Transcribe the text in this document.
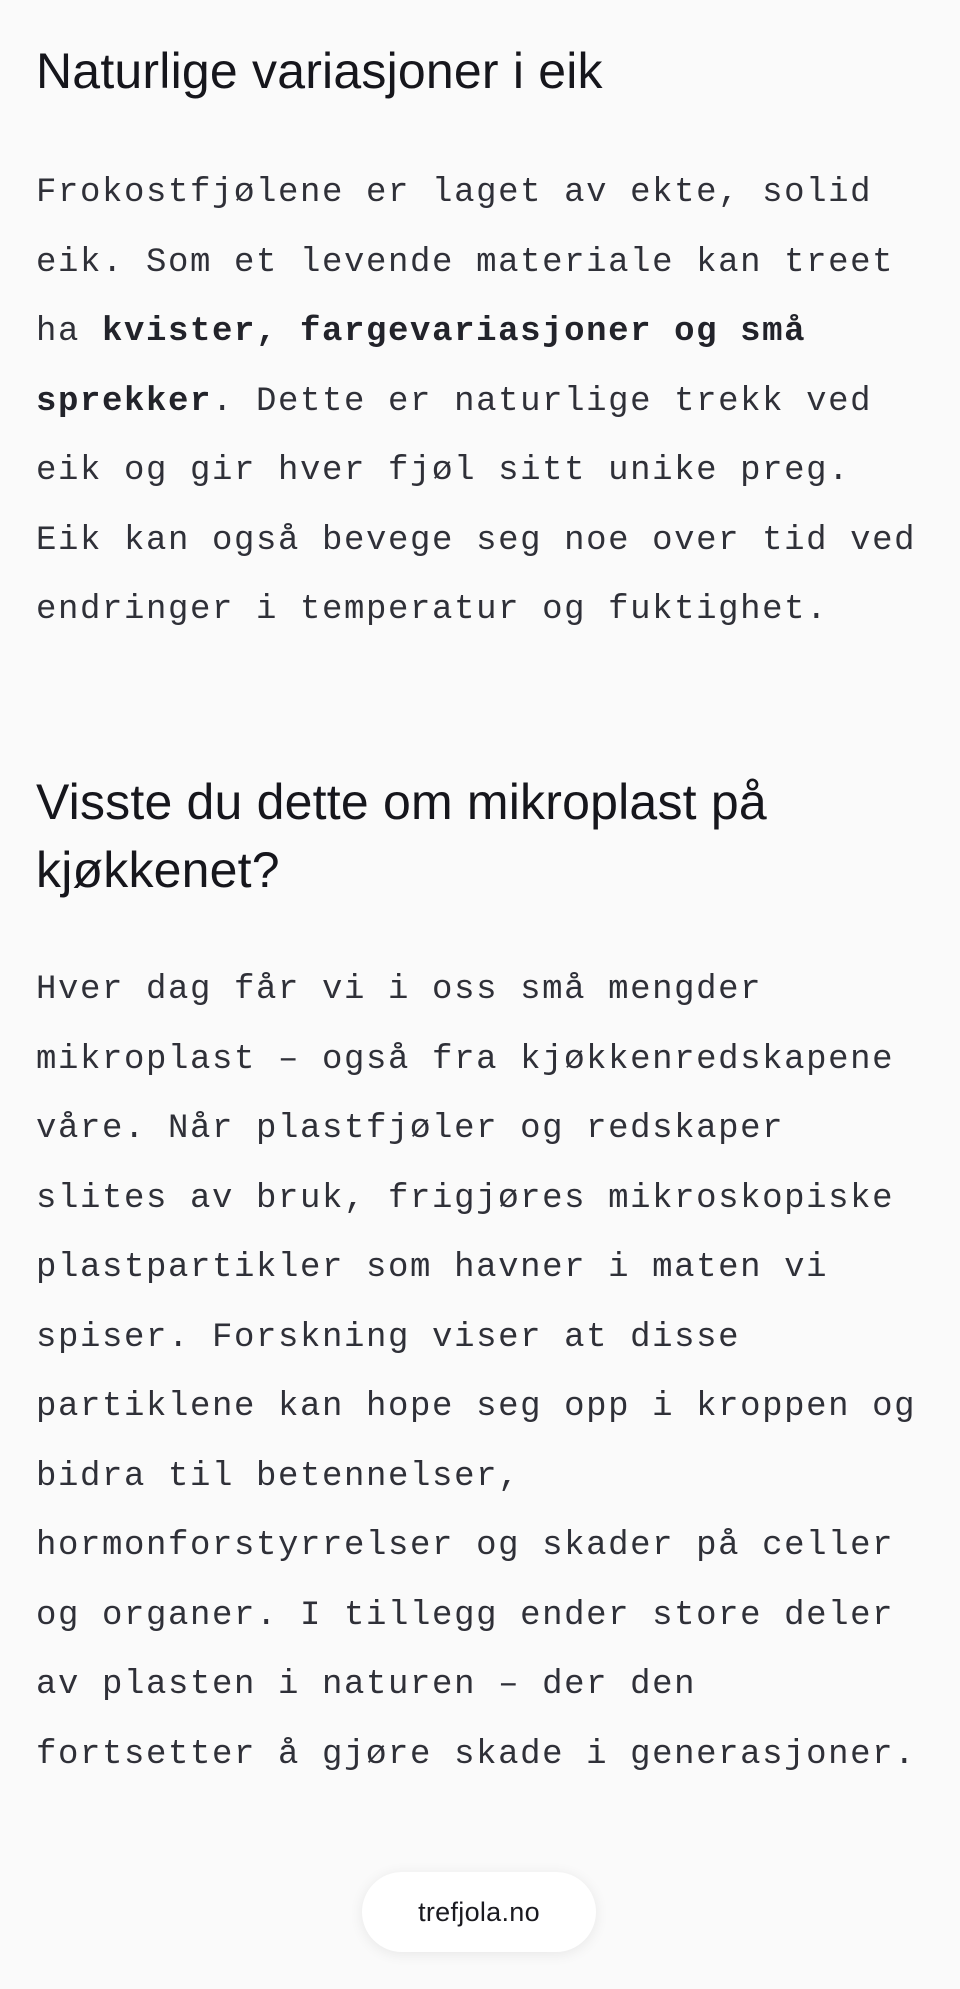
Naturlige variasjoner i eik

Frokostfjølene er laget av ekte, solid eik. Som et levende materiale kan treet ha kvister, fargevariasjoner og små sprekker. Dette er naturlige trekk ved eik og gir hver fjøl sitt unike preg. Eik kan også bevege seg noe over tid ved endringer i temperatur og fuktighet.

Visste du dette om mikroplast på kjøkkenet?

Hver dag får vi i oss små mengder mikroplast – også fra kjøkkenredskapene våre. Når plastfjøler og redskaper slites av bruk, frigjøres mikroskopiske plastpartikler som havner i maten vi spiser. Forskning viser at disse partiklene kan hope seg opp i kroppen og bidra til betennelser, hormonforstyrrelser og skader på celler og organer. I tillegg ender store deler av plasten i naturen – der den fortsetter å gjøre skade i generasjoner.

trefjola.no
